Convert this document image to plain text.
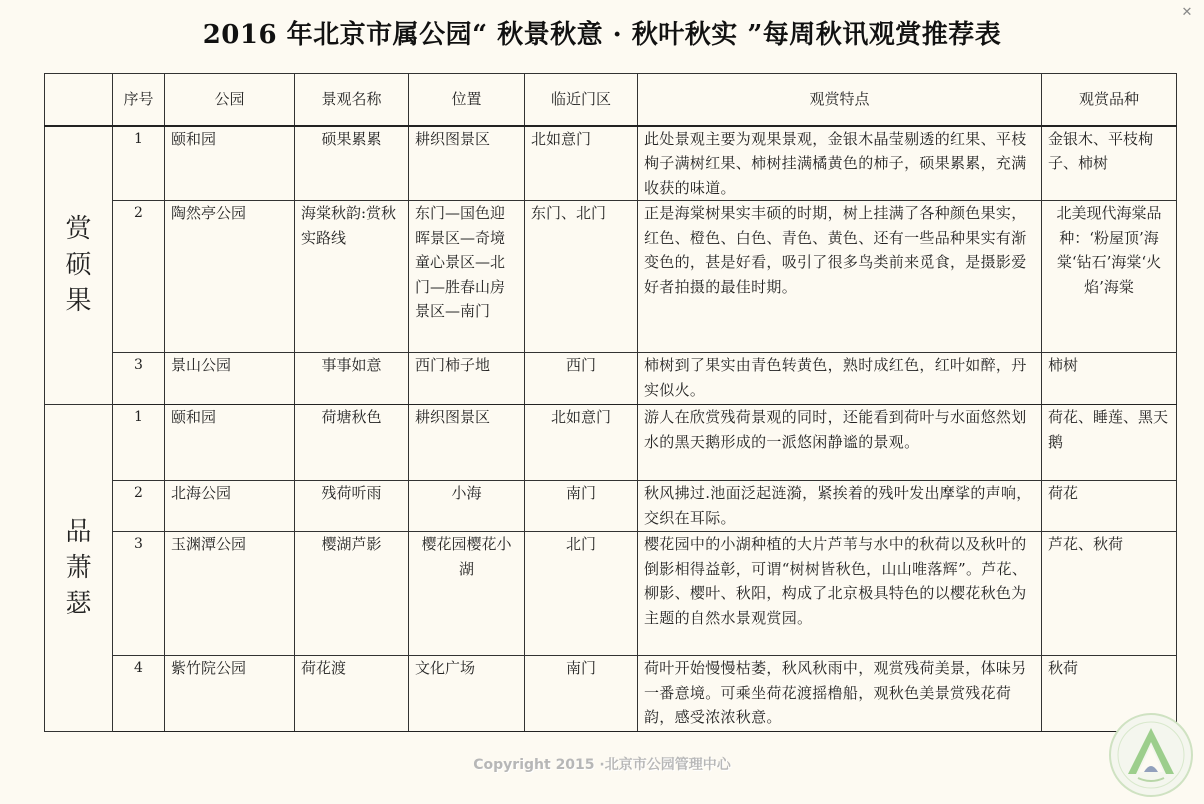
2016 年北京市属公园“ 秋景秋意 · 秋叶秋实 ”每周秋讯观赏推荐表
✕
	序号	公园	景观名称	位置	临近门区	观赏特点	观赏品种

赏
硕
果	1	颐和园	硕果累累	耕织图景区	北如意门	此处景观主要为观果景观，金银木晶莹剔透的红果、平枝栒子满树红果、柿树挂满橘黄色的柿子，硕果累累，充满收获的味道。	金银木、平枝栒子、柿树
	2	陶然亭公园	海棠秋韵:赏秋实路线	东门—国色迎晖景区—奇境童心景区—北门—胜春山房景区—南门	东门、北门	正是海棠树果实丰硕的时期，树上挂满了各种颜色果实，红色、橙色、白色、青色、黄色、还有一些品种果实有渐变色的，甚是好看，吸引了很多鸟类前来觅食，是摄影爱好者拍摄的最佳时期。	北美现代海棠品种：‘粉屋顶’海棠‘钻石’海棠‘火焰’海棠
	3	景山公园	事事如意	西门柿子地	西门	柿树到了果实由青色转黄色，熟时成红色，红叶如醉，丹实似火。	柿树

品
萧
瑟	1	颐和园	荷塘秋色	耕织图景区	北如意门	游人在欣赏残荷景观的同时，还能看到荷叶与水面悠然划水的黑天鹅形成的一派悠闲静谧的景观。	荷花、睡莲、黑天鹅
	2	北海公园	残荷听雨	小海	南门	秋风拂过.池面泛起涟漪，紧挨着的残叶发出摩挲的声响，交织在耳际。	荷花
	3	玉渊潭公园	樱湖芦影	樱花园樱花小湖	北门	樱花园中的小湖种植的大片芦苇与水中的秋荷以及秋叶的倒影相得益彰，可谓“树树皆秋色，山山唯落辉”。芦花、柳影、樱叶、秋阳，构成了北京极具特色的以樱花秋色为主题的自然水景观赏园。	芦花、秋荷
	4	紫竹院公园	荷花渡	文化广场	南门	荷叶开始慢慢枯萎，秋风秋雨中，观赏残荷美景，体味另一番意境。可乘坐荷花渡摇橹船，观秋色美景赏残花荷韵，感受浓浓秋意。	秋荷
Copyright 2015 ·北京市公园管理中心
